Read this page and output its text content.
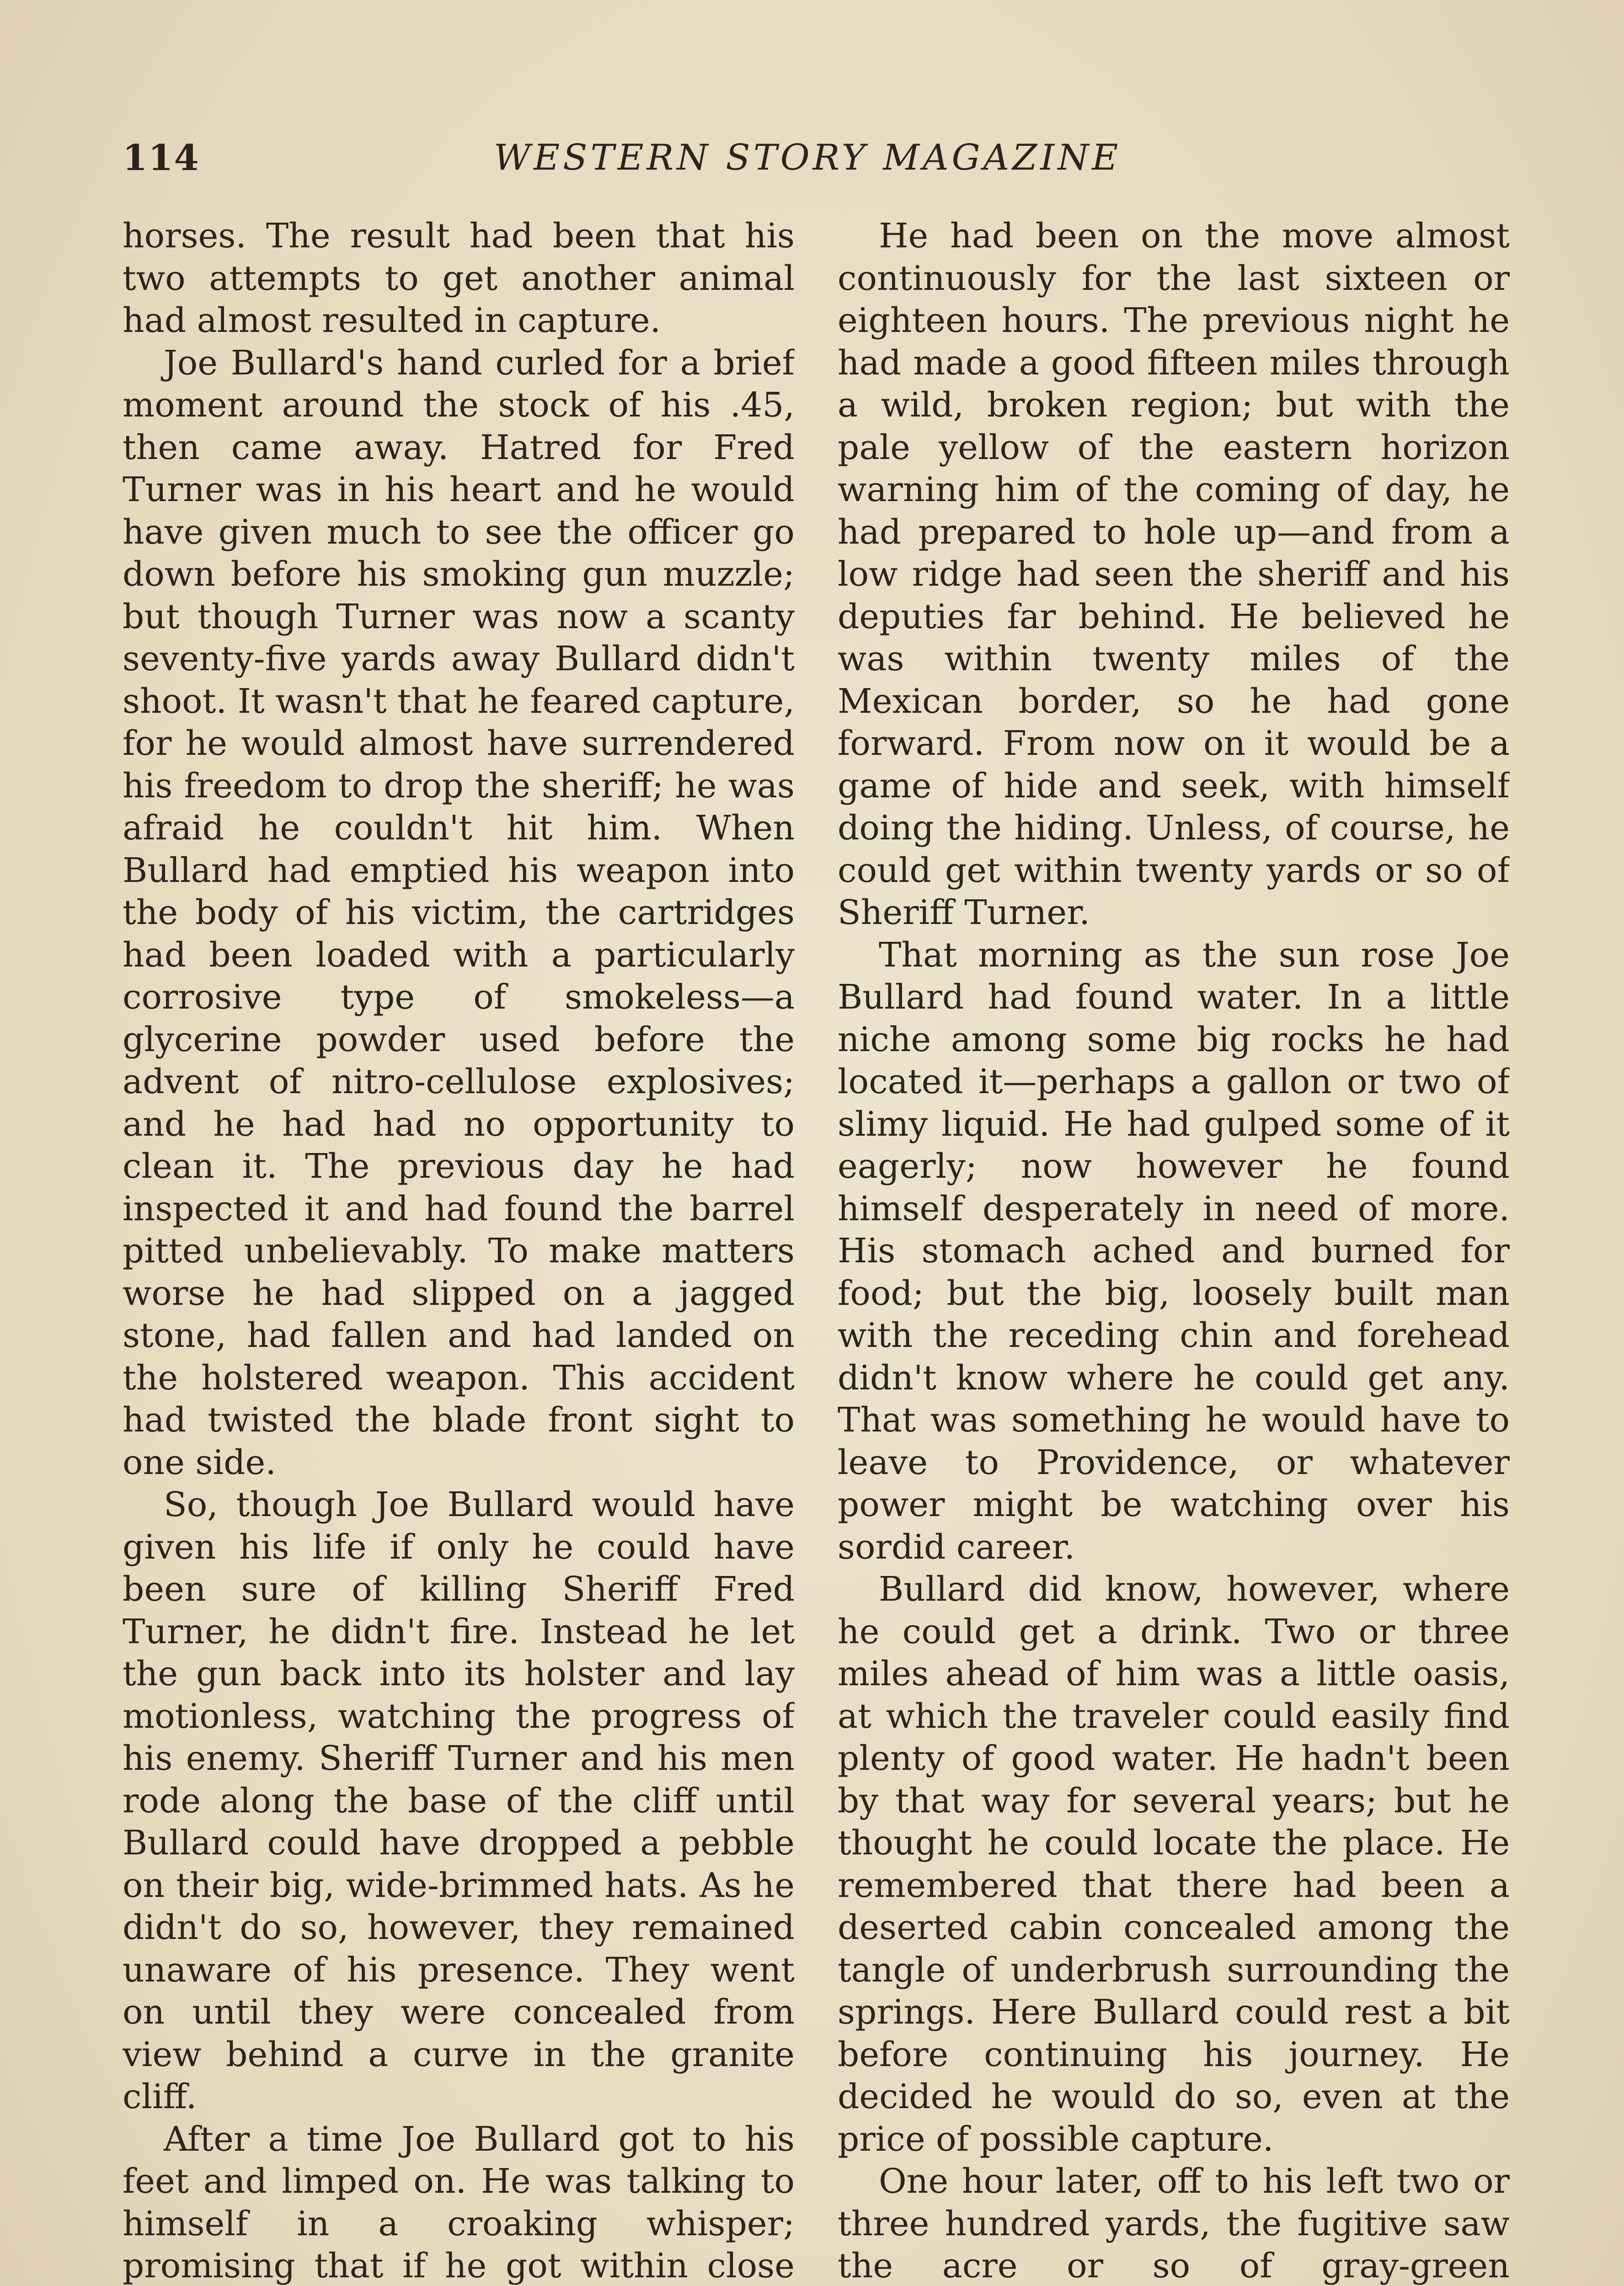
114	WESTERN STORY MAGAZINE

horses. The result had been that his two attempts to get another animal had almost resulted in capture.

Joe Bullard's hand curled for a brief moment around the stock of his .45, then came away. Hatred for Fred Turner was in his heart and he would have given much to see the officer go down before his smoking gun muzzle; but though Turner was now a scanty seventy-five yards away Bullard didn't shoot. It wasn't that he feared capture, for he would almost have surrendered his freedom to drop the sheriff; he was afraid he couldn't hit him. When Bullard had emptied his weapon into the body of his victim, the cartridges had been loaded with a particularly corrosive type of smokeless—a glycerine powder used before the advent of nitro-cellulose explosives; and he had had no opportunity to clean it. The previous day he had inspected it and had found the barrel pitted unbelievably. To make matters worse he had slipped on a jagged stone, had fallen and had landed on the holstered weapon. This accident had twisted the blade front sight to one side.

So, though Joe Bullard would have given his life if only he could have been sure of killing Sheriff Fred Turner, he didn't fire. Instead he let the gun back into its holster and lay motionless, watching the progress of his enemy. Sheriff Turner and his men rode along the base of the cliff until Bullard could have dropped a pebble on their big, wide-brimmed hats. As he didn't do so, however, they remained unaware of his presence. They went on until they were concealed from view behind a curve in the granite cliff.

After a time Joe Bullard got to his feet and limped on. He was talking to himself in a croaking whisper; promising that if he got within close

He had been on the move almost continuously for the last sixteen or eighteen hours. The previous night he had made a good fifteen miles through a wild, broken region; but with the pale yellow of the eastern horizon warning him of the coming of day, he had prepared to hole up—and from a low ridge had seen the sheriff and his deputies far behind. He believed he was within twenty miles of the Mexican border, so he had gone forward. From now on it would be a game of hide and seek, with himself doing the hiding. Unless, of course, he could get within twenty yards or so of Sheriff Turner.

That morning as the sun rose Joe Bullard had found water. In a little niche among some big rocks he had located it—perhaps a gallon or two of slimy liquid. He had gulped some of it eagerly; now however he found himself desperately in need of more. His stomach ached and burned for food; but the big, loosely built man with the receding chin and forehead didn't know where he could get any. That was something he would have to leave to Providence, or whatever power might be watching over his sordid career.

Bullard did know, however, where he could get a drink. Two or three miles ahead of him was a little oasis, at which the traveler could easily find plenty of good water. He hadn't been by that way for several years; but he thought he could locate the place. He remembered that there had been a deserted cabin concealed among the tangle of underbrush surrounding the springs. Here Bullard could rest a bit before continuing his journey. He decided he would do so, even at the price of possible capture.

One hour later, off to his left two or three hundred yards, the fugitive saw the acre or so of gray-green
